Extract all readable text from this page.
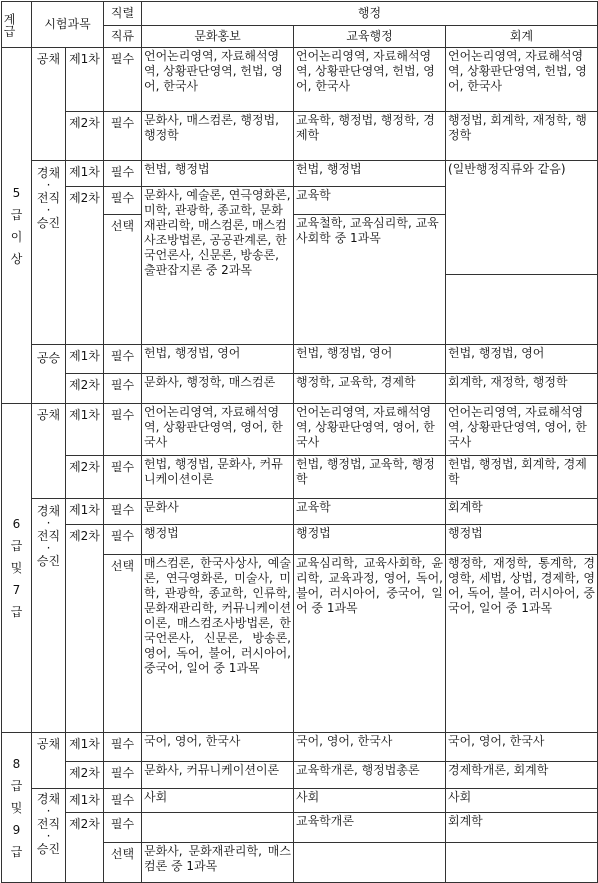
계급	시험과목		직렬	행정		
			직류	문화홍보	교육행정	회계

5
급
이
상	공채	제1차	필수	언어논리영역, 자료해석영역, 상황판단영역, 헌법, 영어, 한국사	언어논리영역, 자료해석영역, 상황판단영역, 헌법, 영어, 한국사	언어논리영역, 자료해석영역, 상황판단영역, 헌법, 영어, 한국사
		제2차	필수	문화사, 매스컴론, 행정법, 행정학	교육학, 행정법, 행정학, 경제학	행정법, 회계학, 재정학, 행정학

	경채
·
전직
·
승진	제1차	필수	헌법, 행정법	헌법, 행정법	(일반행정직류와 같음)
		제2차	필수	문화사, 예술론, 연극영화론, 미학, 관광학, 종교학, 문화재관리학, 매스컴론, 매스컴사조방법론, 공공관계론, 한국언론사, 신문론, 방송론, 출판잡지론 중 2과목	교육학	
			선택		교육철학, 교육심리학, 교육사회학 중 1과목	

	공승	제1차	필수	헌법, 행정법, 영어	헌법, 행정법, 영어	헌법, 행정법, 영어
		제2차	필수	문화사, 행정학, 매스컴론	행정학, 교육학, 경제학	회계학, 재정학, 행정학

6
급
및
7
급	공채	제1차	필수	언어논리영역, 자료해석영역, 상황판단영역, 영어, 한국사	언어논리영역, 자료해석영역, 상황판단영역, 영어, 한국사	언어논리영역, 자료해석영역, 상황판단영역, 영어, 한국사
		제2차	필수	헌법, 행정법, 문화사, 커뮤니케이션이론	헌법, 행정법, 교육학, 행정학	헌법, 행정법, 회계학, 경제학

	경채
·
전직
·
승진	제1차	필수	문화사	교육학	회계학
		제2차	필수	행정법	행정법	행정법
			선택	매스컴론, 한국사상사, 예술론, 연극영화론, 미술사, 미학, 관광학, 종교학, 인류학, 문화재관리학, 커뮤니케이션이론, 매스컴조사방법론, 한국언론사, 신문론, 방송론, 영어, 독어, 불어, 러시아어, 중국어, 일어 중 1과목	교육심리학, 교육사회학, 윤리학, 교육과정, 영어, 독어, 불어, 러시아어, 중국어, 일어 중 1과목	행정학, 재정학, 통계학, 경영학, 세법, 상법, 경제학, 영어, 독어, 불어, 러시아어, 중국어, 일어 중 1과목

8
급
및
9
급	공채	제1차	필수	국어, 영어, 한국사	국어, 영어, 한국사	국어, 영어, 한국사
		제2차	필수	문화사, 커뮤니케이션이론	교육학개론, 행정법총론	경제학개론, 회계학

	경채
·
전직
·
승진	제1차	필수	사회	사회	사회
		제2차	필수		교육학개론	회계학
			선택	문화사, 문화재관리학, 매스컴론 중 1과목		
